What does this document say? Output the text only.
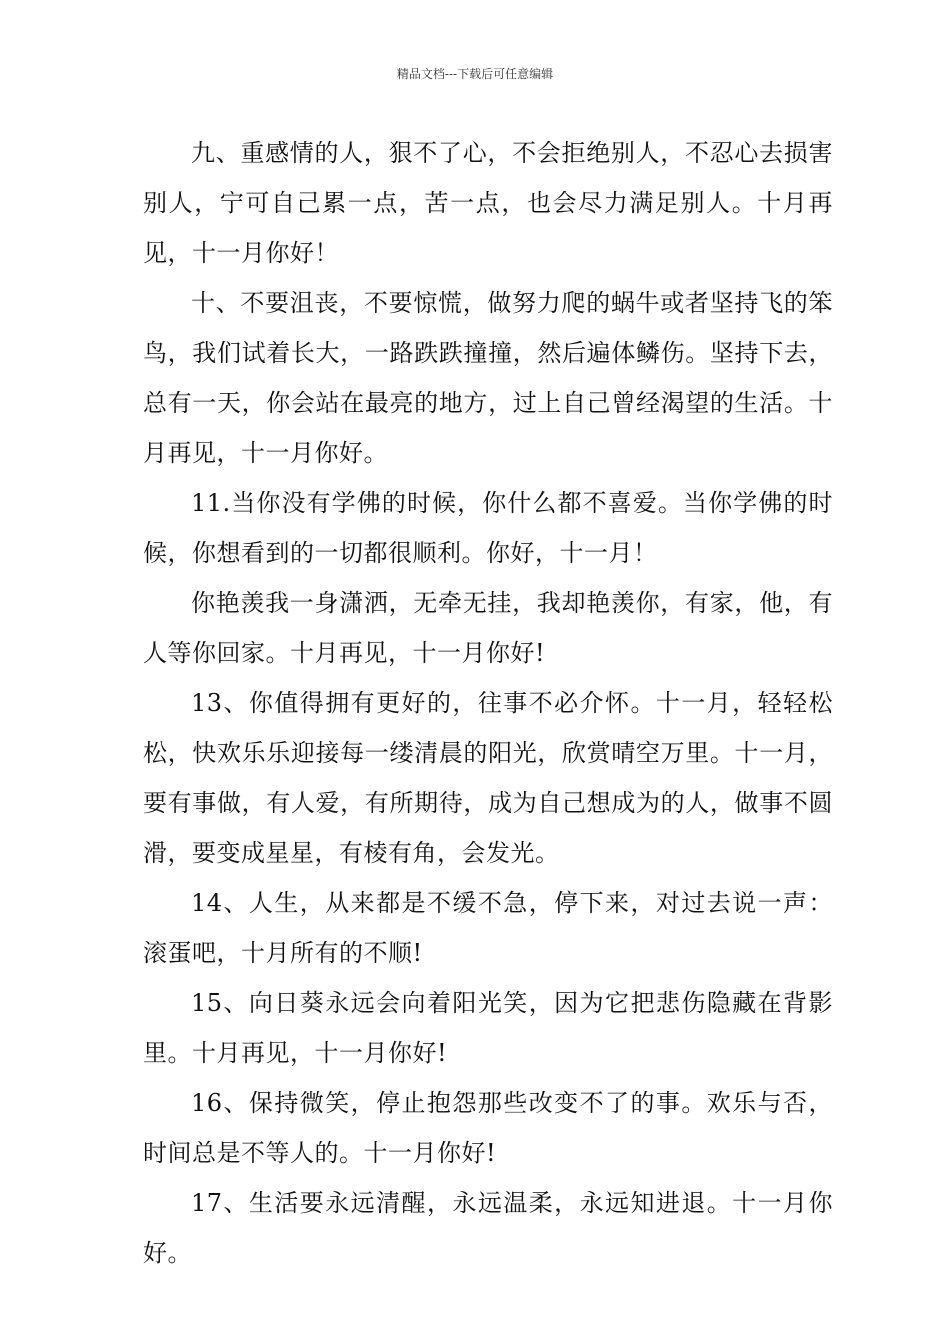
精品文档---下载后可任意编辑

九、重感情的人，狠不了心，不会拒绝别人，不忍心去损害别人，宁可自己累一点，苦一点，也会尽力满足别人。十月再见，十一月你好！

十、不要沮丧，不要惊慌，做努力爬的蜗牛或者坚持飞的笨鸟，我们试着长大，一路跌跌撞撞，然后遍体鳞伤。坚持下去，总有一天，你会站在最亮的地方，过上自己曾经渴望的生活。十月再见，十一月你好。

11.当你没有学佛的时候，你什么都不喜爱。当你学佛的时候，你想看到的一切都很顺利。你好，十一月！

你艳羡我一身潇洒，无牵无挂，我却艳羡你，有家，他，有人等你回家。十月再见，十一月你好!

13、你值得拥有更好的，往事不必介怀。十一月，轻轻松松，快欢乐乐迎接每一缕清晨的阳光，欣赏晴空万里。十一月，要有事做，有人爱，有所期待，成为自己想成为的人，做事不圆滑，要变成星星，有棱有角，会发光。

14、人生，从来都是不缓不急，停下来，对过去说一声：滚蛋吧，十月所有的不顺!

15、向日葵永远会向着阳光笑，因为它把悲伤隐藏在背影里。十月再见，十一月你好!

16、保持微笑，停止抱怨那些改变不了的事。欢乐与否，时间总是不等人的。十一月你好!

17、生活要永远清醒，永远温柔，永远知进退。十一月你好。
